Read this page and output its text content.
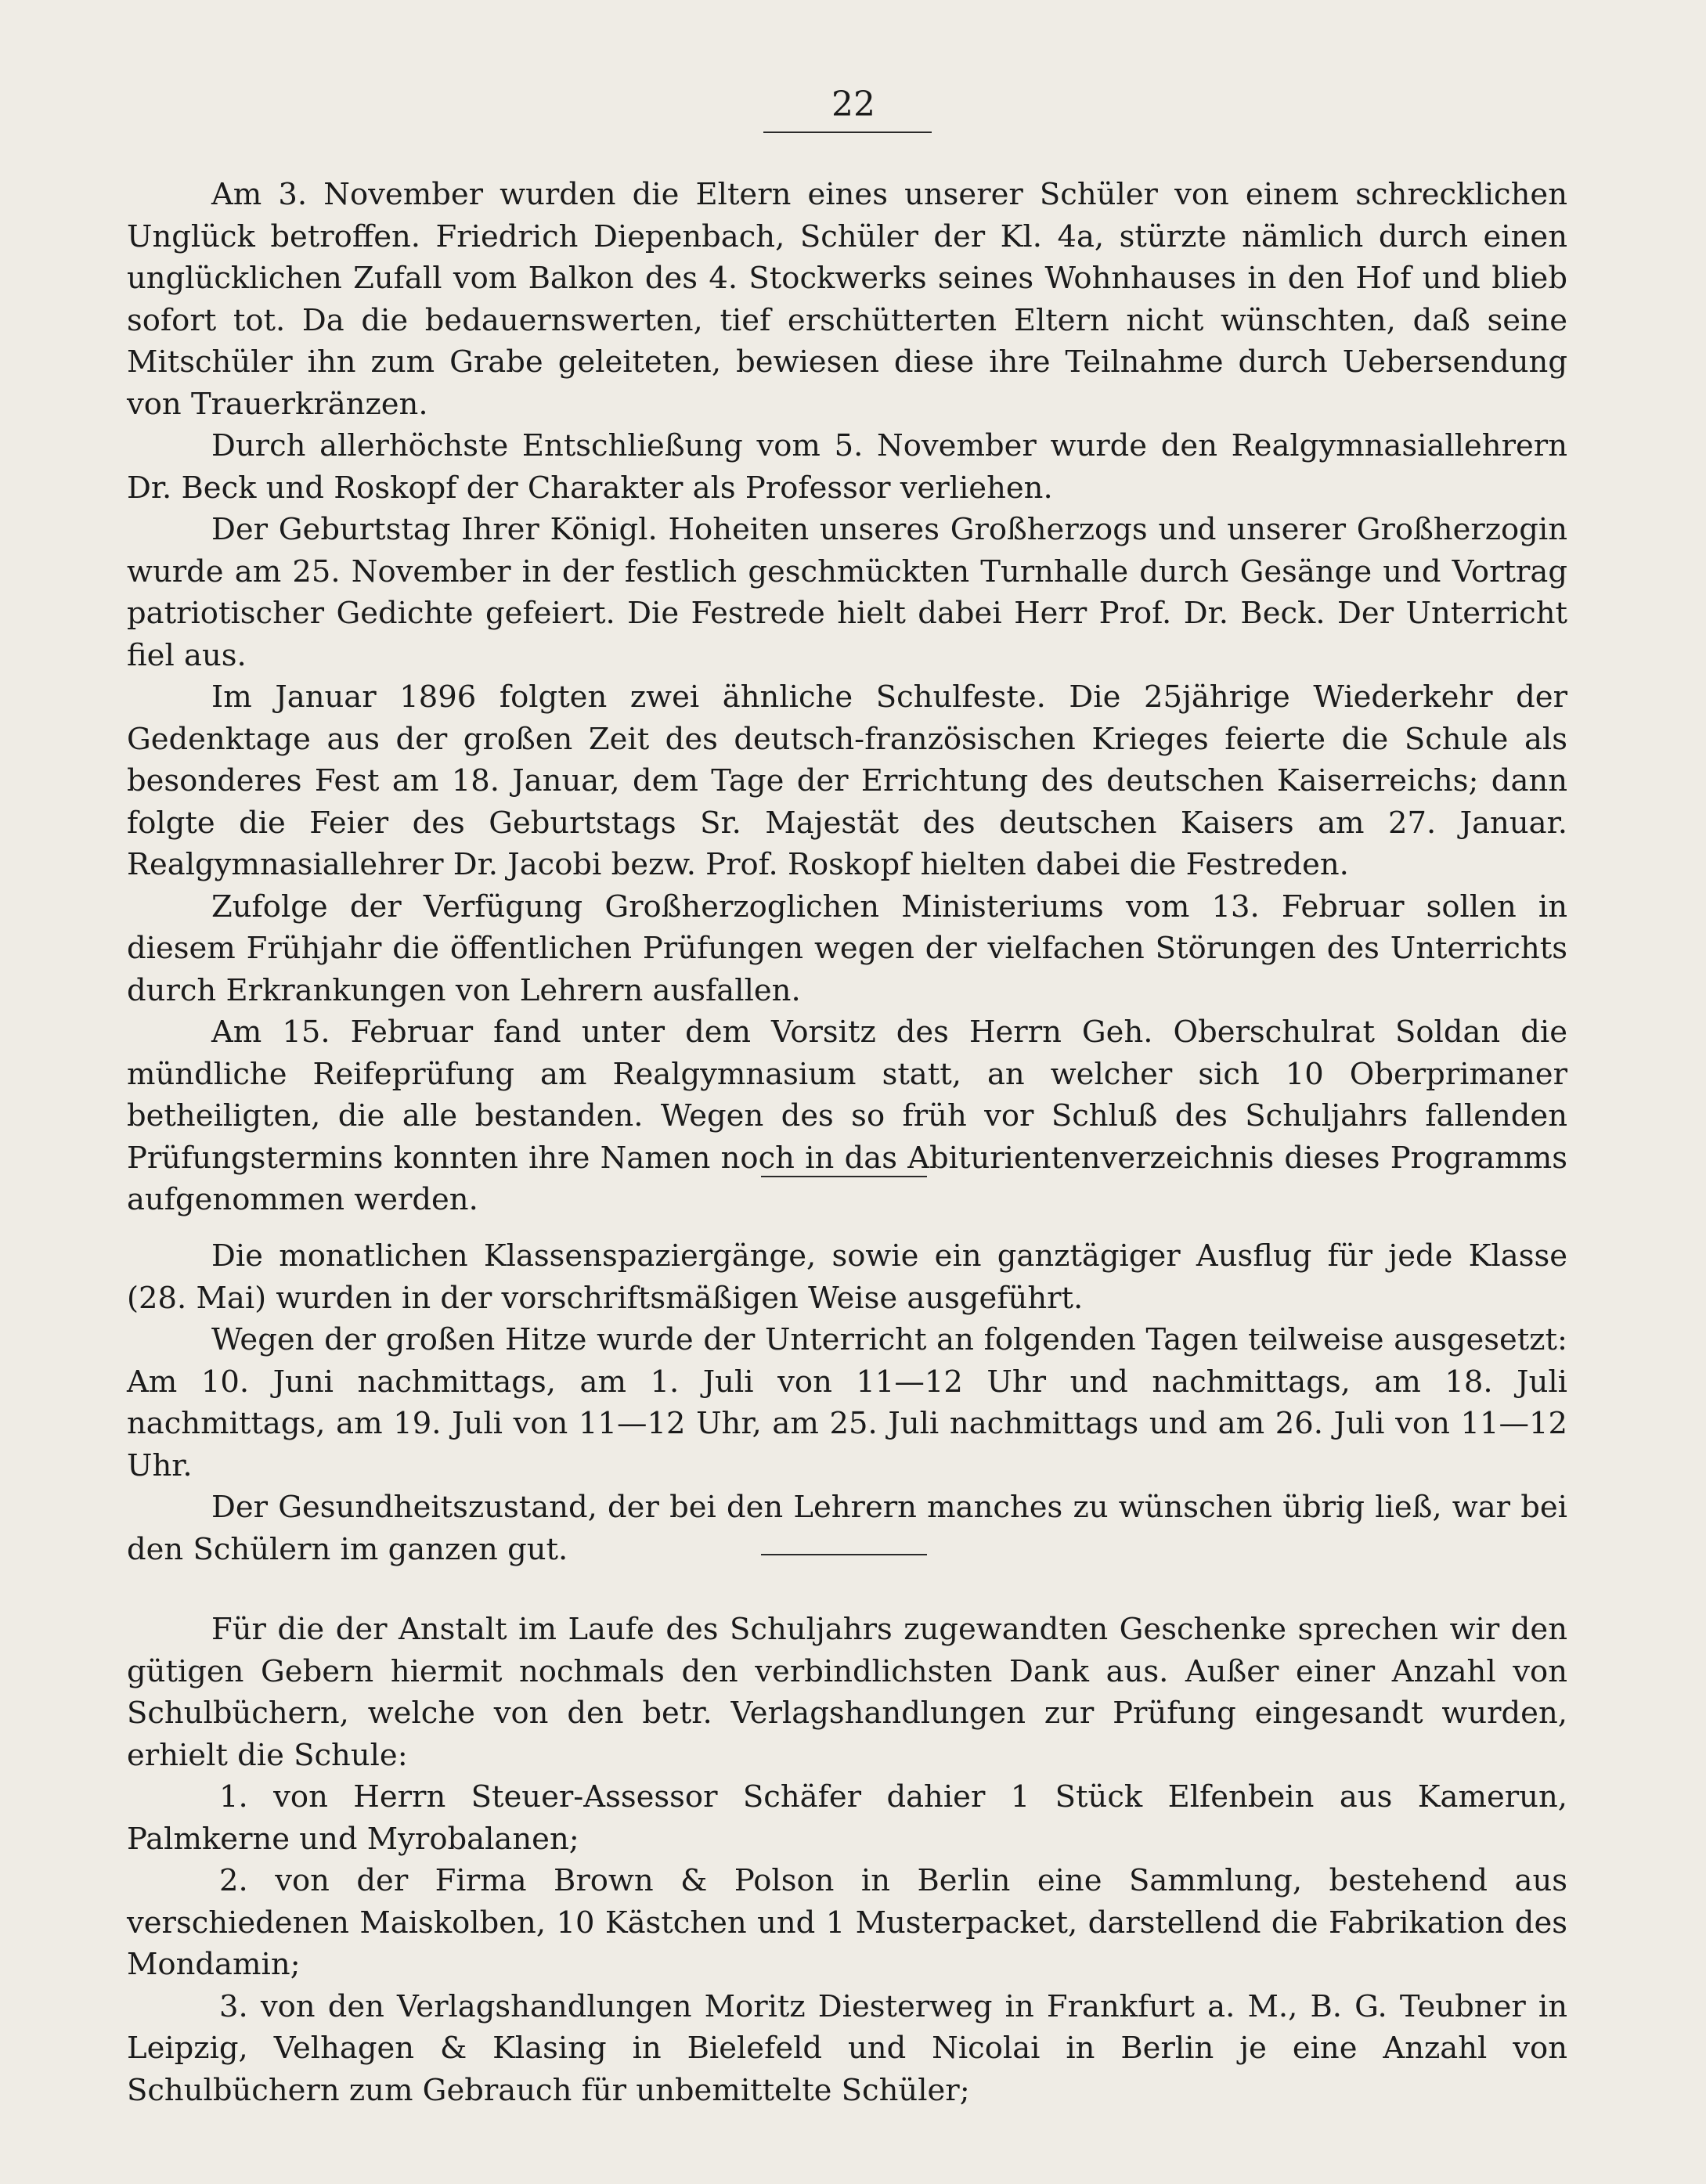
22

Am 3. November wurden die Eltern eines unserer Schüler von einem schrecklichen Unglück betroffen. Friedrich Diepenbach, Schüler der Kl. 4a, stürzte nämlich durch einen unglücklichen Zufall vom Balkon des 4. Stockwerks seines Wohnhauses in den Hof und blieb sofort tot. Da die bedauernswerten, tief erschütterten Eltern nicht wünschten, daß seine Mitschüler ihn zum Grabe geleiteten, bewiesen diese ihre Teilnahme durch Uebersendung von Trauerkränzen.

Durch allerhöchste Entschließung vom 5. November wurde den Realgymnasiallehrern Dr. Beck und Roskopf der Charakter als Professor verliehen.

Der Geburtstag Ihrer Königl. Hoheiten unseres Großherzogs und unserer Großherzogin wurde am 25. November in der festlich geschmückten Turnhalle durch Gesänge und Vortrag patriotischer Gedichte gefeiert. Die Festrede hielt dabei Herr Prof. Dr. Beck. Der Unterricht fiel aus.

Im Januar 1896 folgten zwei ähnliche Schulfeste. Die 25jährige Wiederkehr der Gedenktage aus der großen Zeit des deutsch-französischen Krieges feierte die Schule als besonderes Fest am 18. Januar, dem Tage der Errichtung des deutschen Kaiserreichs; dann folgte die Feier des Geburtstags Sr. Majestät des deutschen Kaisers am 27. Januar. Realgymnasiallehrer Dr. Jacobi bezw. Prof. Roskopf hielten dabei die Festreden.

Zufolge der Verfügung Großherzoglichen Ministeriums vom 13. Februar sollen in diesem Frühjahr die öffentlichen Prüfungen wegen der vielfachen Störungen des Unterrichts durch Erkrankungen von Lehrern ausfallen.

Am 15. Februar fand unter dem Vorsitz des Herrn Geh. Oberschulrat Soldan die mündliche Reifeprüfung am Realgymnasium statt, an welcher sich 10 Oberprimaner betheiligten, die alle bestanden. Wegen des so früh vor Schluß des Schuljahrs fallenden Prüfungstermins konnten ihre Namen noch in das Abiturientenverzeichnis dieses Programms aufgenommen werden.

Die monatlichen Klassenspaziergänge, sowie ein ganztägiger Ausflug für jede Klasse (28. Mai) wurden in der vorschriftsmäßigen Weise ausgeführt.

Wegen der großen Hitze wurde der Unterricht an folgenden Tagen teilweise ausgesetzt: Am 10. Juni nachmittags, am 1. Juli von 11—12 Uhr und nachmittags, am 18. Juli nachmittags, am 19. Juli von 11—12 Uhr, am 25. Juli nachmittags und am 26. Juli von 11—12 Uhr.

Der Gesundheitszustand, der bei den Lehrern manches zu wünschen übrig ließ, war bei den Schülern im ganzen gut.

Für die der Anstalt im Laufe des Schuljahrs zugewandten Geschenke sprechen wir den gütigen Gebern hiermit nochmals den verbindlichsten Dank aus. Außer einer Anzahl von Schulbüchern, welche von den betr. Verlagshandlungen zur Prüfung eingesandt wurden, erhielt die Schule:

1. von Herrn Steuer-Assessor Schäfer dahier 1 Stück Elfenbein aus Kamerun, Palmkerne und Myrobalanen;

2. von der Firma Brown & Polson in Berlin eine Sammlung, bestehend aus verschiedenen Maiskolben, 10 Kästchen und 1 Musterpacket, darstellend die Fabrikation des Mondamin;

3. von den Verlagshandlungen Moritz Diesterweg in Frankfurt a. M., B. G. Teubner in Leipzig, Velhagen & Klasing in Bielefeld und Nicolai in Berlin je eine Anzahl von Schulbüchern zum Gebrauch für unbemittelte Schüler;
